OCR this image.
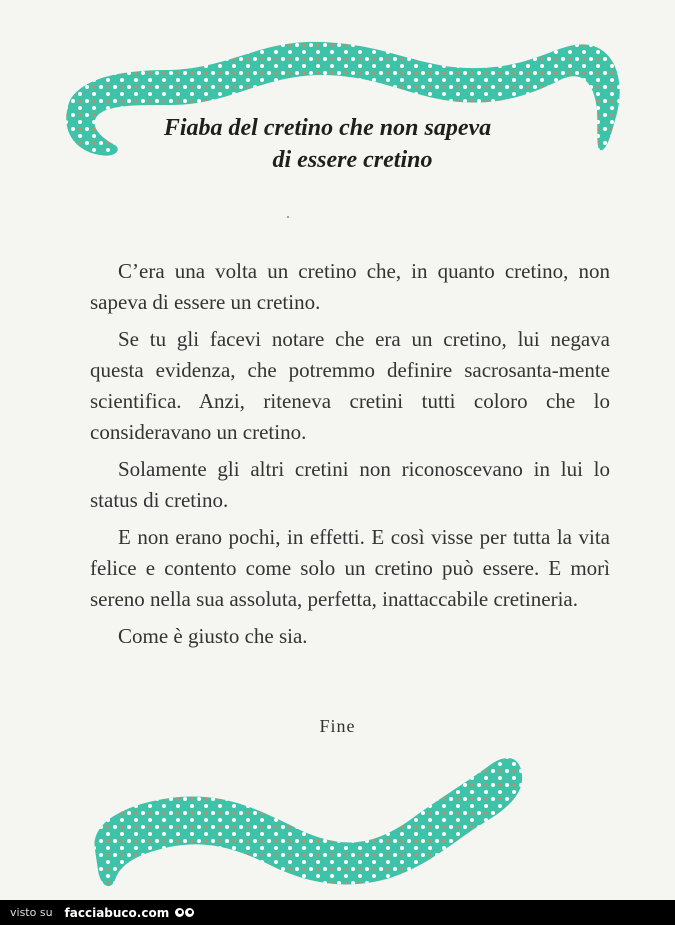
Fiaba del cretino che non sapeva
di essere cretino

C’era una volta un cretino che, in quanto cretino, non sapeva di essere un cretino.

Se tu gli facevi notare che era un cretino, lui negava questa evidenza, che potremmo definire sacrosanta-mente scientifica. Anzi, riteneva cretini tutti coloro che lo consideravano un cretino.

Solamente gli altri cretini non riconoscevano in lui lo status di cretino.

E non erano pochi, in effetti. E così visse per tutta la vita felice e contento come solo un cretino può essere. E morì sereno nella sua assoluta, perfetta, inattaccabile cretineria.

Come è giusto che sia.

Fine
visto su facciabuco.com
